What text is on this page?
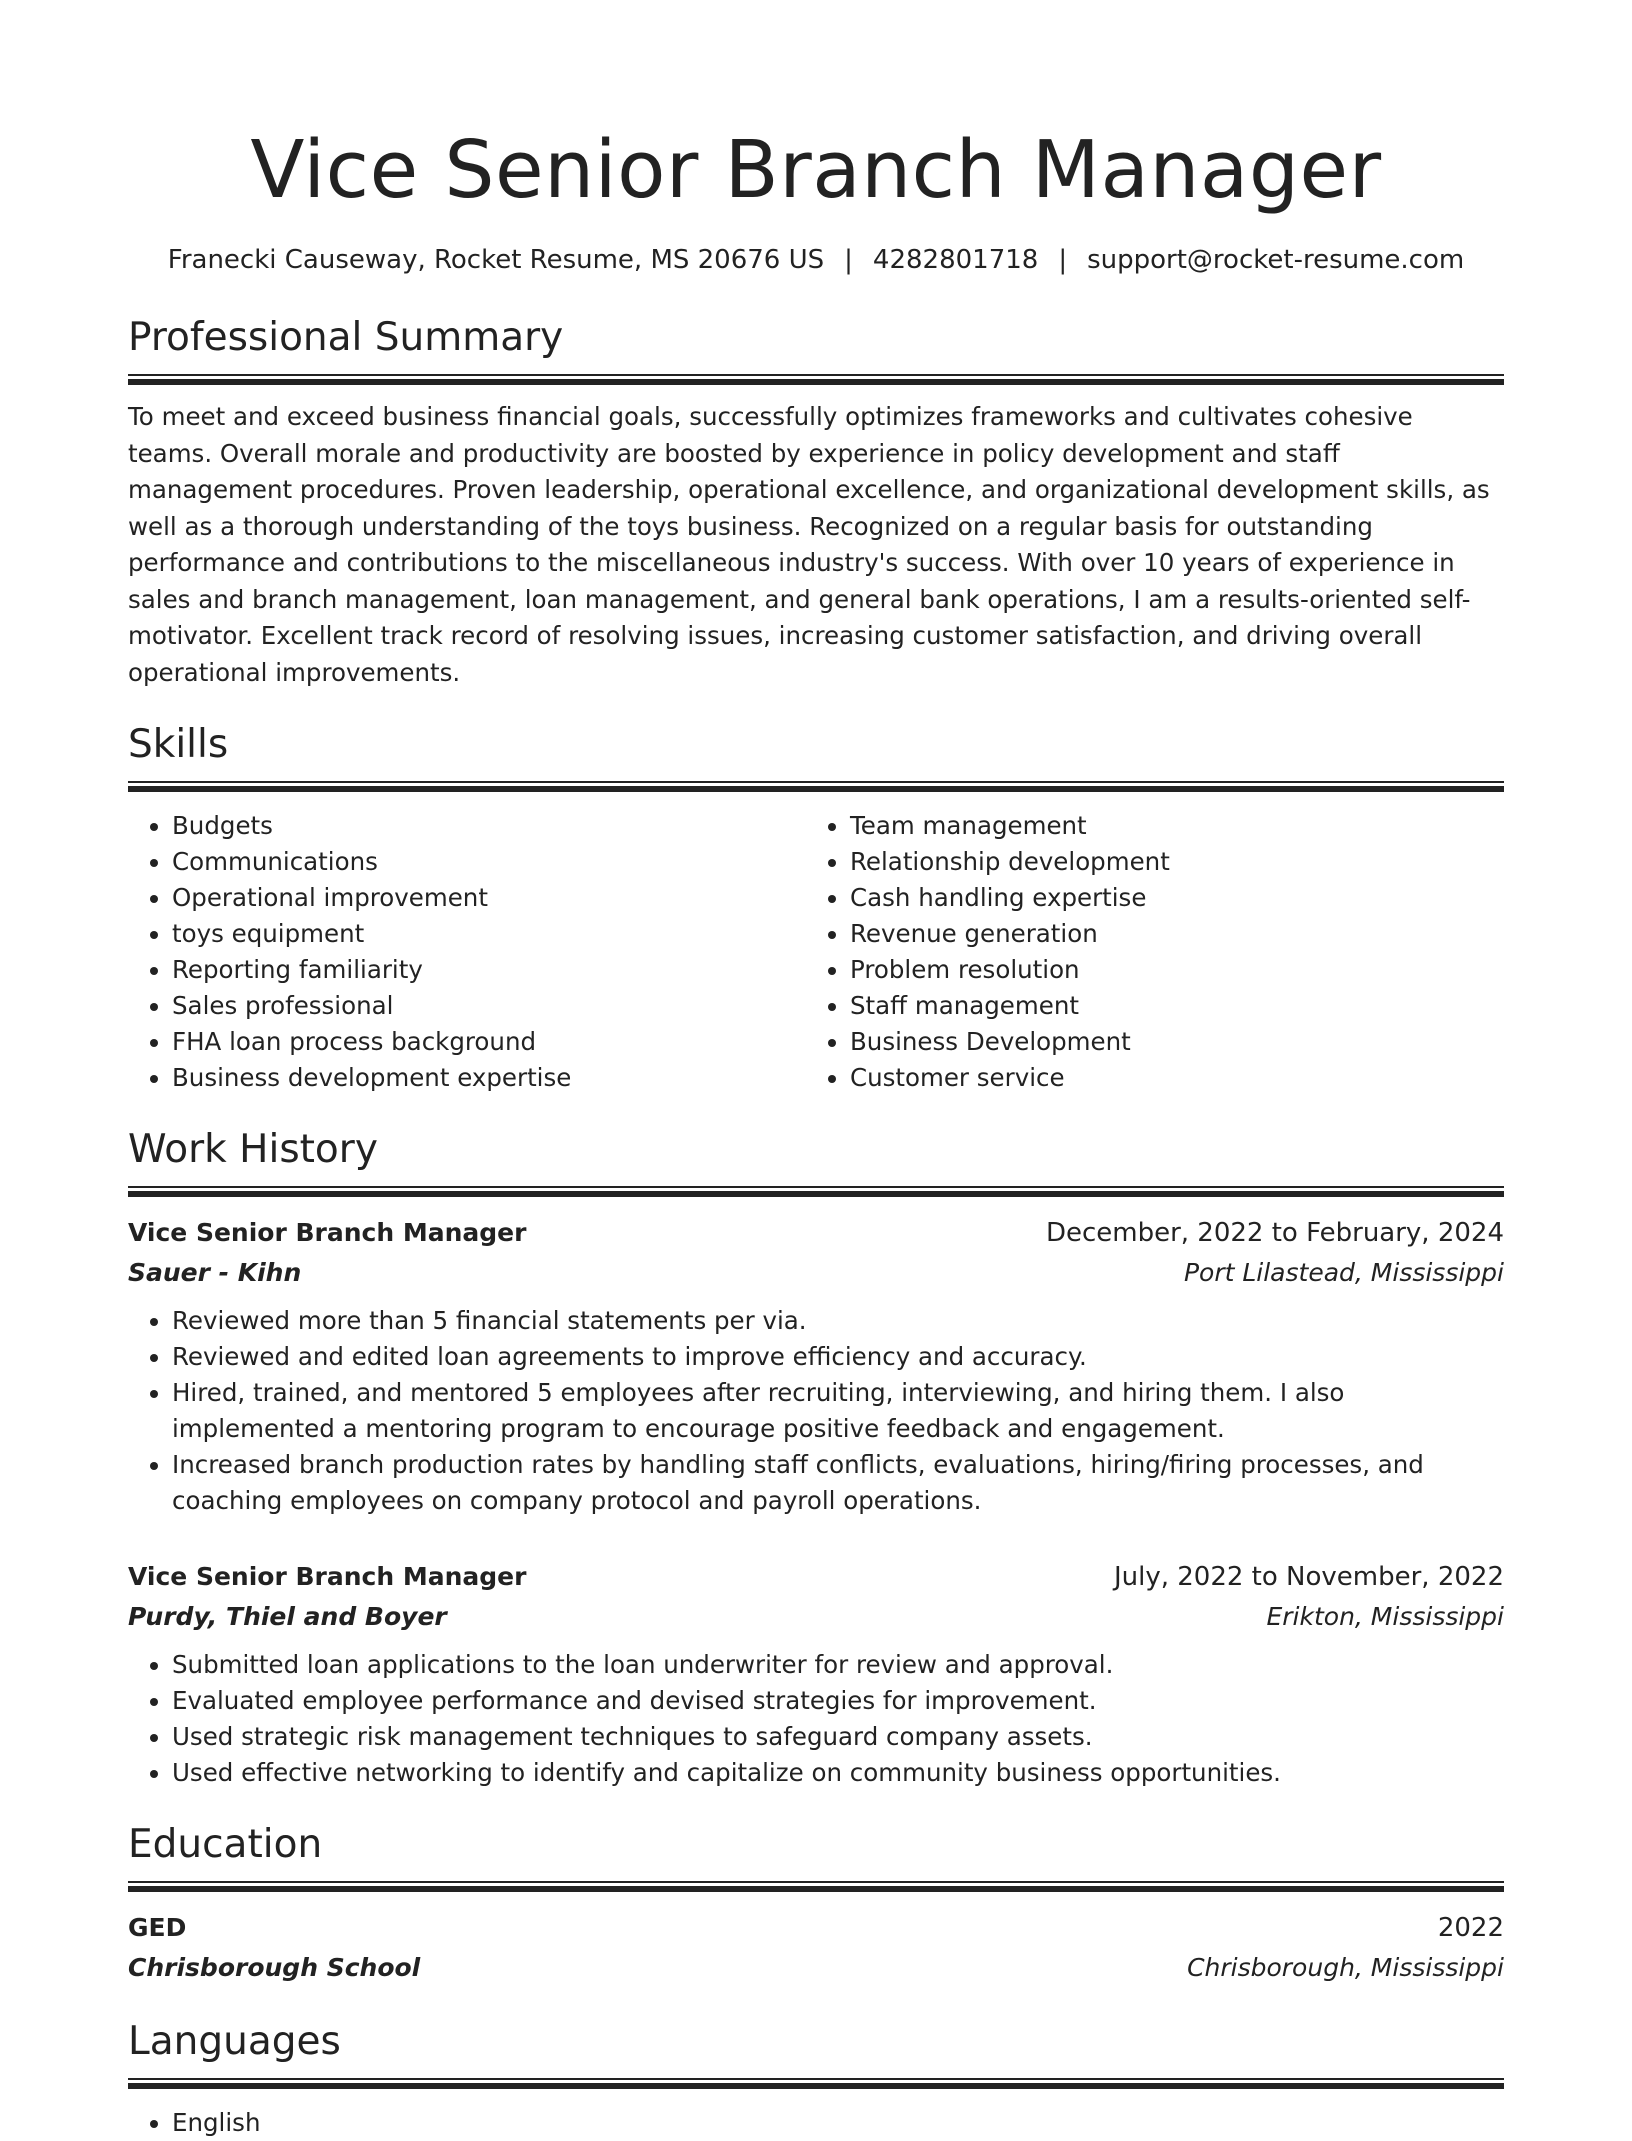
Vice Senior Branch Manager
Franecki Causeway, Rocket Resume, MS 20676 US | 4282801718 | support@rocket-resume.com
Professional Summary
To meet and exceed business financial goals, successfully optimizes frameworks and cultivates cohesive teams. Overall morale and productivity are boosted by experience in policy development and staff management procedures. Proven leadership, operational excellence, and organizational development skills, as well as a thorough understanding of the toys business. Recognized on a regular basis for outstanding performance and contributions to the miscellaneous industry's success. With over 10 years of experience in sales and branch management, loan management, and general bank operations, I am a results-oriented self-motivator. Excellent track record of resolving issues, increasing customer satisfaction, and driving overall operational improvements.
Skills
• Budgets
• Communications
• Operational improvement
• toys equipment
• Reporting familiarity
• Sales professional
• FHA loan process background
• Business development expertise
• Team management
• Relationship development
• Cash handling expertise
• Revenue generation
• Problem resolution
• Staff management
• Business Development
• Customer service
Work History
Vice Senior Branch Manager	December, 2022 to February, 2024
Sauer - Kihn	Port Lilastead, Mississippi
• Reviewed more than 5 financial statements per via.
• Reviewed and edited loan agreements to improve efficiency and accuracy.
• Hired, trained, and mentored 5 employees after recruiting, interviewing, and hiring them. I also implemented a mentoring program to encourage positive feedback and engagement.
• Increased branch production rates by handling staff conflicts, evaluations, hiring/firing processes, and coaching employees on company protocol and payroll operations.
Vice Senior Branch Manager	July, 2022 to November, 2022
Purdy, Thiel and Boyer	Erikton, Mississippi
• Submitted loan applications to the loan underwriter for review and approval.
• Evaluated employee performance and devised strategies for improvement.
• Used strategic risk management techniques to safeguard company assets.
• Used effective networking to identify and capitalize on community business opportunities.
Education
GED	2022
Chrisborough School	Chrisborough, Mississippi
Languages
• English
